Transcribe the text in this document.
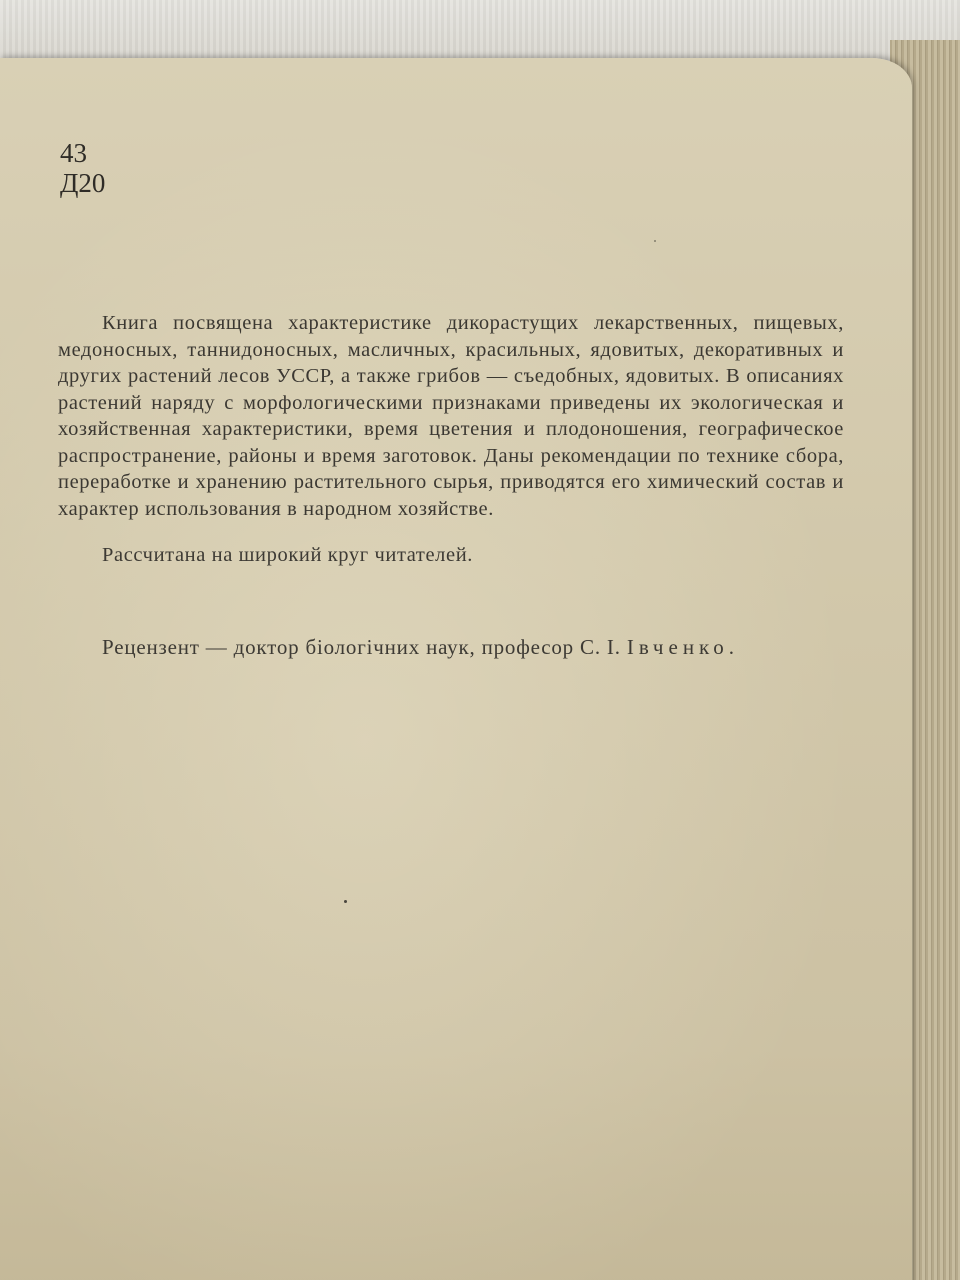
43
Д20

Книга посвящена характеристике дикорастущих лекарственных, пищевых, медоносных, таннидоносных, масличных, красильных, ядовитых, декоративных и других растений лесов УССР, а также грибов — съедобных, ядовитых. В описаниях растений наряду с морфологическими признаками приведены их экологическая и хозяйственная характеристики, время цветения и плодоношения, географическое распространение, районы и время заготовок. Даны рекомендации по технике сбора, переработке и хранению растительного сырья, приводятся его химический состав и характер использования в народном хозяйстве.

Рассчитана на широкий круг читателей.

Рецензент — доктор біологічних наук, професор С. І. Івченко.
